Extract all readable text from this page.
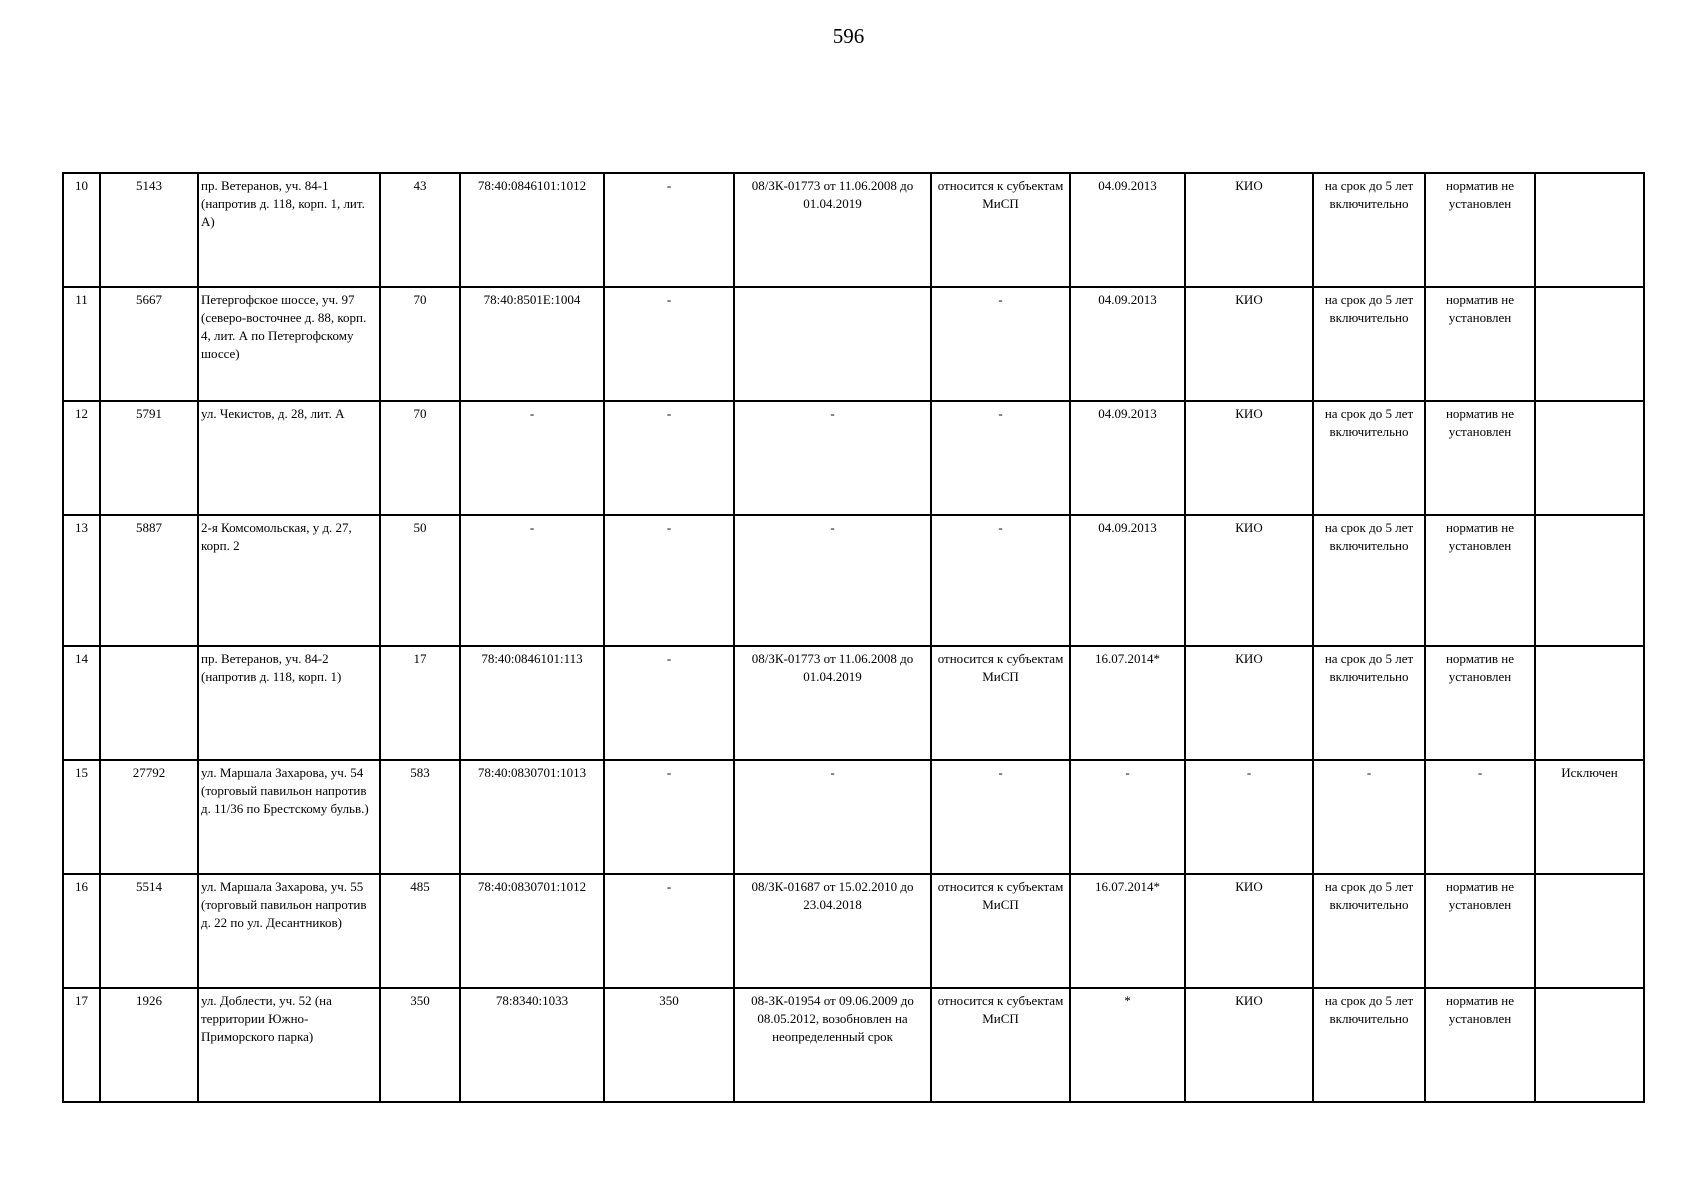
596
10	5143	пр. Ветеранов, уч. 84-1 (напротив д. 118, корп. 1, лит. А)	43	78:40:0846101:1012	-	08/ЗК-01773 от 11.06.2008 до 01.04.2019	относится к субъектам МиСП	04.09.2013	КИО	на срок до 5 лет включительно	норматив не установлен	
11	5667	Петергофское шоссе, уч. 97 (северо-восточнее д. 88, корп. 4, лит. А по Петергофскому шоссе)	70	78:40:8501Е:1004	-		-	04.09.2013	КИО	на срок до 5 лет включительно	норматив не установлен	
12	5791	ул. Чекистов, д. 28, лит. А	70	-	-	-	-	04.09.2013	КИО	на срок до 5 лет включительно	норматив не установлен	
13	5887	2-я Комсомольская, у д. 27, корп. 2	50	-	-	-	-	04.09.2013	КИО	на срок до 5 лет включительно	норматив не установлен	
14		пр. Ветеранов, уч. 84-2 (напротив д. 118, корп. 1)	17	78:40:0846101:113	-	08/ЗК-01773 от 11.06.2008 до 01.04.2019	относится к субъектам МиСП	16.07.2014*	КИО	на срок до 5 лет включительно	норматив не установлен	
15	27792	ул. Маршала Захарова, уч. 54 (торговый павильон напротив д. 11/36 по Брестскому бульв.)	583	78:40:0830701:1013	-	-	-	-	-	-	-	Исключен
16	5514	ул. Маршала Захарова, уч. 55 (торговый павильон напротив д. 22 по ул. Десантников)	485	78:40:0830701:1012	-	08/ЗК-01687 от 15.02.2010 до 23.04.2018	относится к субъектам МиСП	16.07.2014*	КИО	на срок до 5 лет включительно	норматив не установлен	
17	1926	ул. Доблести, уч. 52 (на территории Южно-Приморского парка)	350	78:8340:1033	350	08-ЗК-01954 от 09.06.2009 до 08.05.2012, возобновлен на неопределенный срок	относится к субъектам МиСП	*	КИО	на срок до 5 лет включительно	норматив не установлен	
